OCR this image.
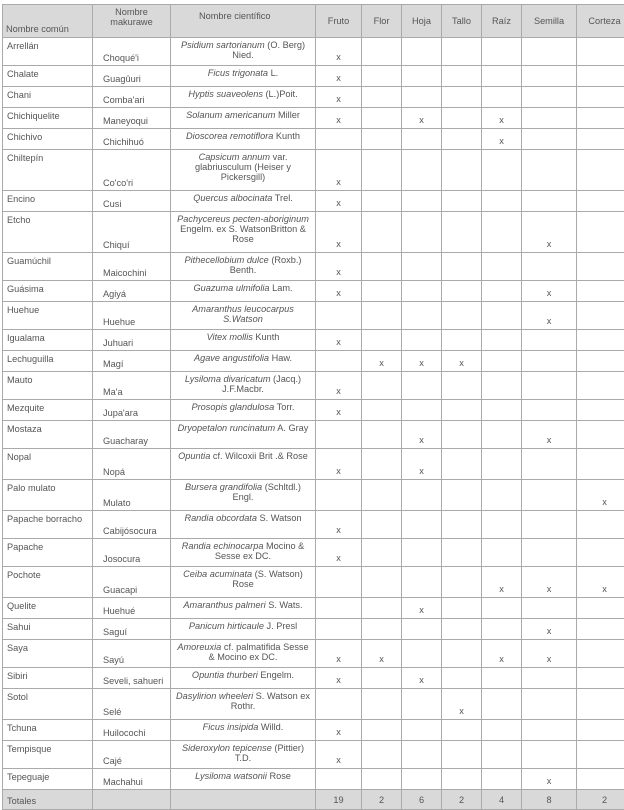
Nombre común	Nombre makurawe	Nombre científico	Fruto	Flor	Hoja	Tallo	Raíz	Semilla	Corteza
Arrellán	Choqué'i	Psidium sartorianum (O. Berg) Nied.	x						
Chalate	Guagûuri	Ficus trigonata L.	x						
Chani	Comba'ari	Hyptis suaveolens (L.)Poit.	x						
Chichiquelite	Maneyoqui	Solanum americanum Miller	x		x		x		
Chichivo	Chichihuó	Dioscorea remotiflora Kunth					x		
Chiltepín	Co'co'ri	Capsicum annum var. glabriusculum (Heiser y Pickersgill)	x						
Encino	Cusi	Quercus albocinata Trel.	x						
Etcho	Chiquí	Pachycereus pecten-aboriginum Engelm. ex S. WatsonBritton & Rose	x					x	
Guamúchil	Maicochini	Pithecellobium dulce (Roxb.) Benth.	x						
Guásima	Agiyá	Guazuma ulmifolia Lam.	x					x	
Huehue	Huehue	Amaranthus leucocarpus S.Watson						x	
Igualama	Juhuari	Vitex mollis Kunth	x						
Lechuguilla	Magí	Agave angustifolia Haw.		x	x	x			
Mauto	Ma'a	Lysiloma divaricatum (Jacq.) J.F.Macbr.	x						
Mezquite	Jupa'ara	Prosopis glandulosa Torr.	x						
Mostaza	Guacharay	Dryopetalon runcinatum A. Gray			x			x	
Nopal	Nopá	Opuntia cf. Wilcoxii Brit .& Rose	x		x				
Palo mulato	Mulato	Bursera grandifolia (Schltdl.) Engl.							x
Papache borracho	Cabijósocura	Randia obcordata S. Watson	x						
Papache	Josocura	Randia echinocarpa Mocino & Sesse ex DC.	x						
Pochote	Guacapi	Ceiba acuminata (S. Watson) Rose					x	x	x
Quelite	Huehué	Amaranthus palmeri S. Wats.			x				
Sahui	Saguí	Panicum hirticaule J. Presl						x	
Saya	Sayú	Amoreuxia cf. palmatifida Sesse & Mocino ex DC.	x	x			x	x	
Sibiri	Seveli, sahueri	Opuntia thurberi Engelm.	x		x				
Sotol	Selé	Dasylirion wheeleri S. Watson ex Rothr.				x			
Tchuna	Huilocochi	Ficus insipida Willd.	x						
Tempisque	Cajé	Sideroxylon tepicense (Pittier) T.D.	x						
Tepeguaje	Machahui	Lysiloma watsonii Rose						x	
Totales			19	2	6	2	4	8	2
